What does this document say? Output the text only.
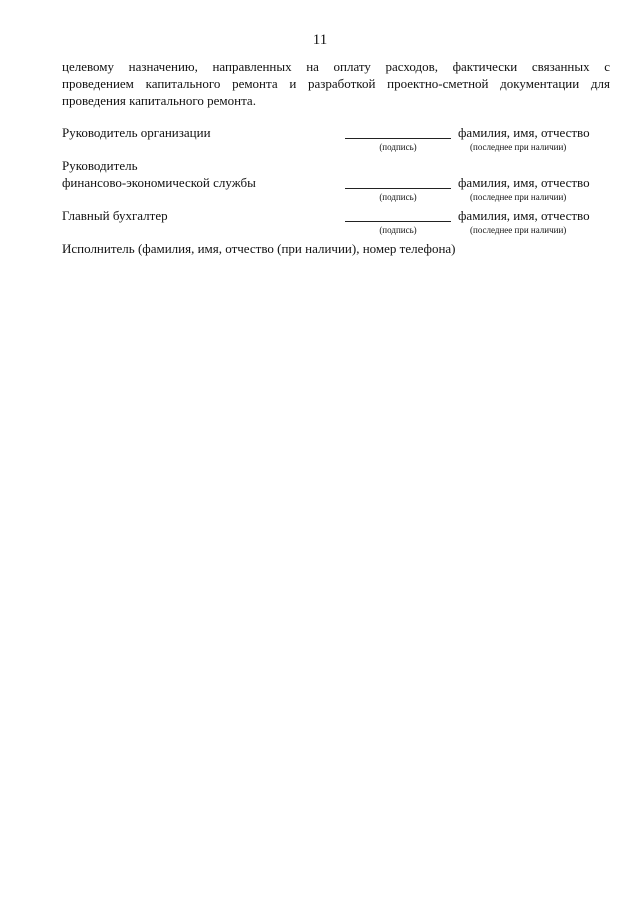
11

целевому назначению, направленных на оплату расходов, фактически связанных с
проведением капитального ремонта и разработкой проектно-сметной документации для
проведения капитального ремонта.

Руководитель организации	фамилия, имя, отчество
(подпись)	(последнее при наличии)
Руководитель
финансово-экономической службы	фамилия, имя, отчество
(подпись)	(последнее при наличии)
Главный бухгалтер	фамилия, имя, отчество
(подпись)	(последнее при наличии)
Исполнитель (фамилия, имя, отчество (при наличии), номер телефона)
